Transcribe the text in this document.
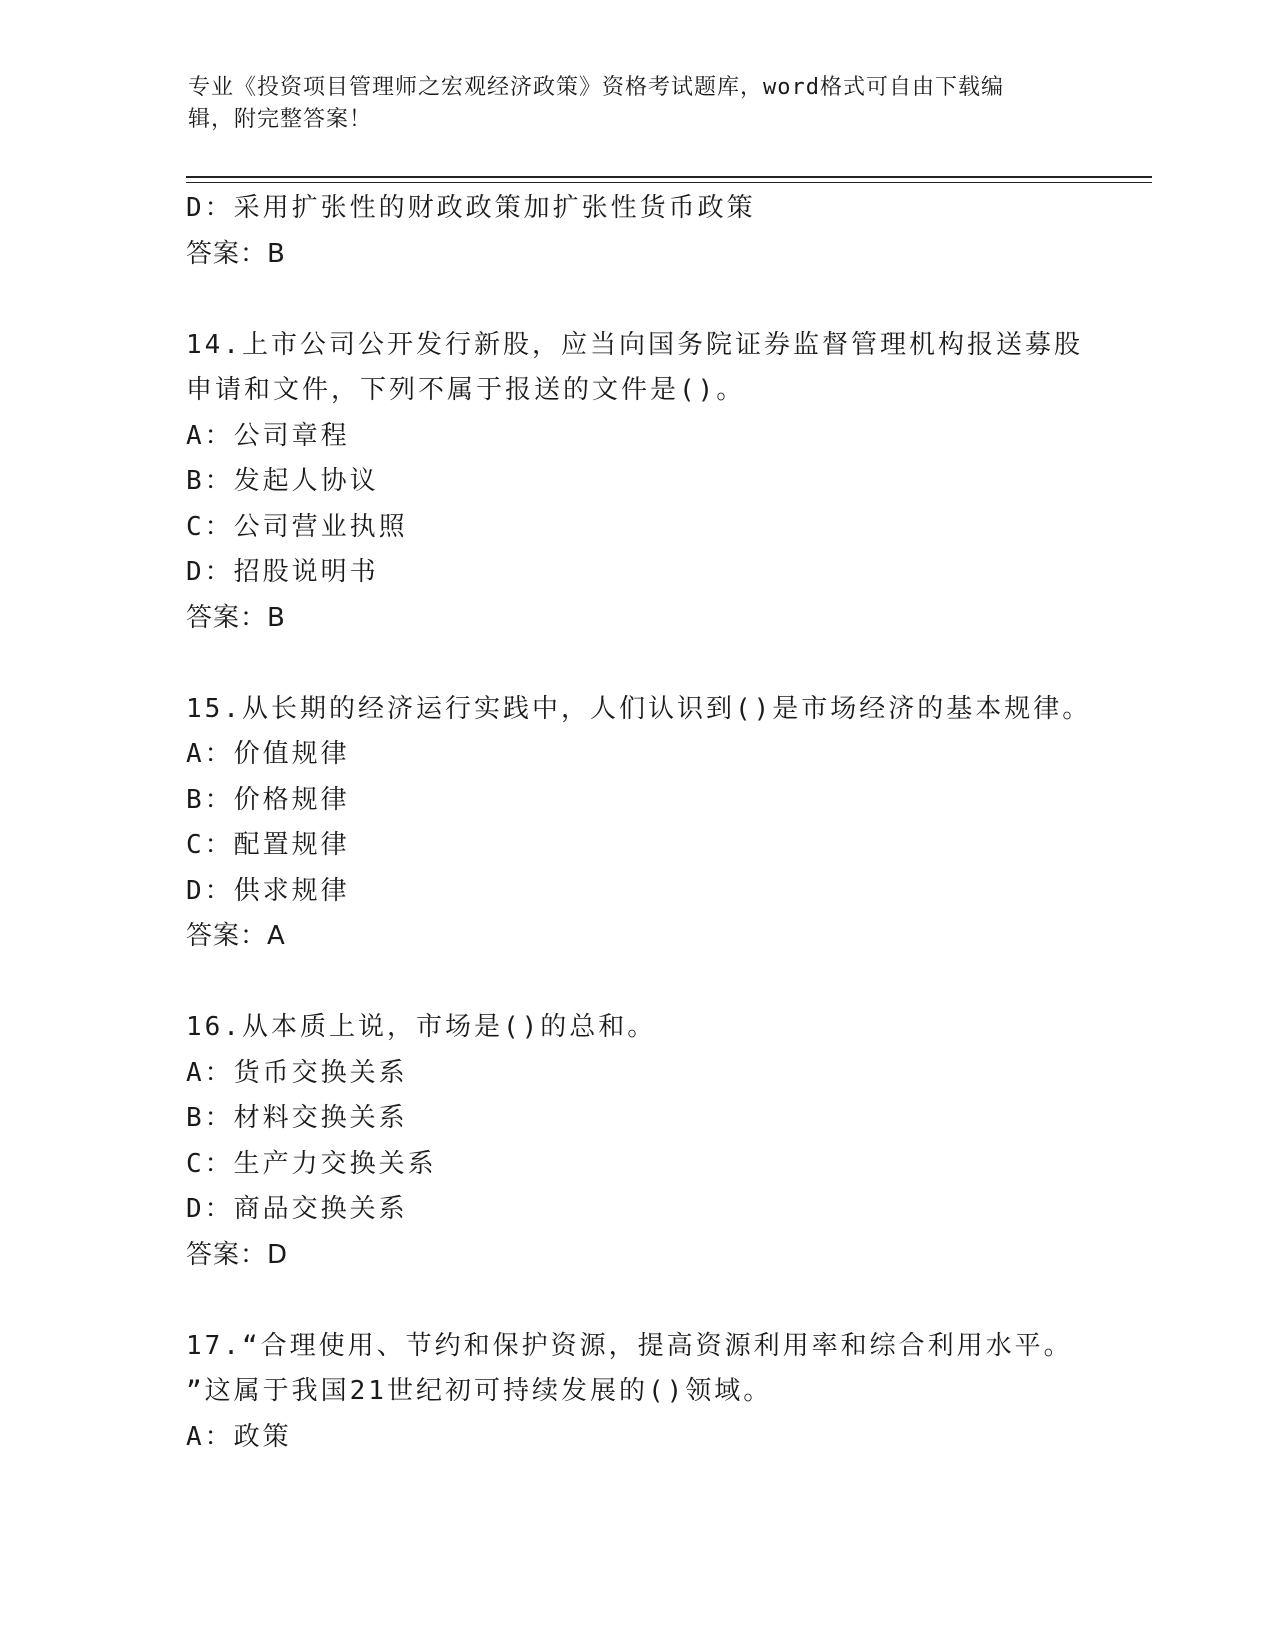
专业《投资项目管理师之宏观经济政策》资格考试题库，word格式可自由下载编
辑，附完整答案！
D：采用扩张性的财政政策加扩张性货币政策
答案：B
14.上市公司公开发行新股，应当向国务院证券监督管理机构报送募股
申请和文件，下列不属于报送的文件是()。
A：公司章程
B：发起人协议
C：公司营业执照
D：招股说明书
答案：B
15.从长期的经济运行实践中，人们认识到()是市场经济的基本规律。
A：价值规律
B：价格规律
C：配置规律
D：供求规律
答案：A
16.从本质上说，市场是()的总和。
A：货币交换关系
B：材料交换关系
C：生产力交换关系
D：商品交换关系
答案：D
17.“合理使用、节约和保护资源，提高资源利用率和综合利用水平。
”这属于我国21世纪初可持续发展的()领域。
A：政策
